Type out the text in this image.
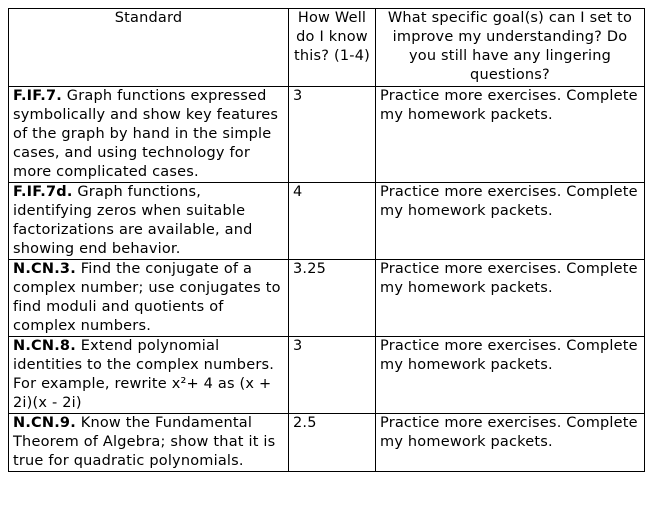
Standard	How Well do I know this? (1-4)	What specific goal(s) can I set to improve my understanding? Do you still have any lingering questions?
F.IF.7. Graph functions expressed symbolically and show key features of the graph by hand in the simple cases, and using technology for more complicated cases.	3	Practice more exercises. Complete my homework packets.
F.IF.7d. Graph functions, identifying zeros when suitable factorizations are available, and showing end behavior.	4	Practice more exercises. Complete my homework packets.
N.CN.3. Find the conjugate of a complex number; use conjugates to find moduli and quotients of complex numbers.	3.25	Practice more exercises. Complete my homework packets.
N.CN.8. Extend polynomial identities to the complex numbers. For example, rewrite x²+ 4 as (x + 2i)(x - 2i)	3	Practice more exercises. Complete my homework packets.
N.CN.9. Know the Fundamental Theorem of Algebra; show that it is true for quadratic polynomials.	2.5	Practice more exercises. Complete my homework packets.
